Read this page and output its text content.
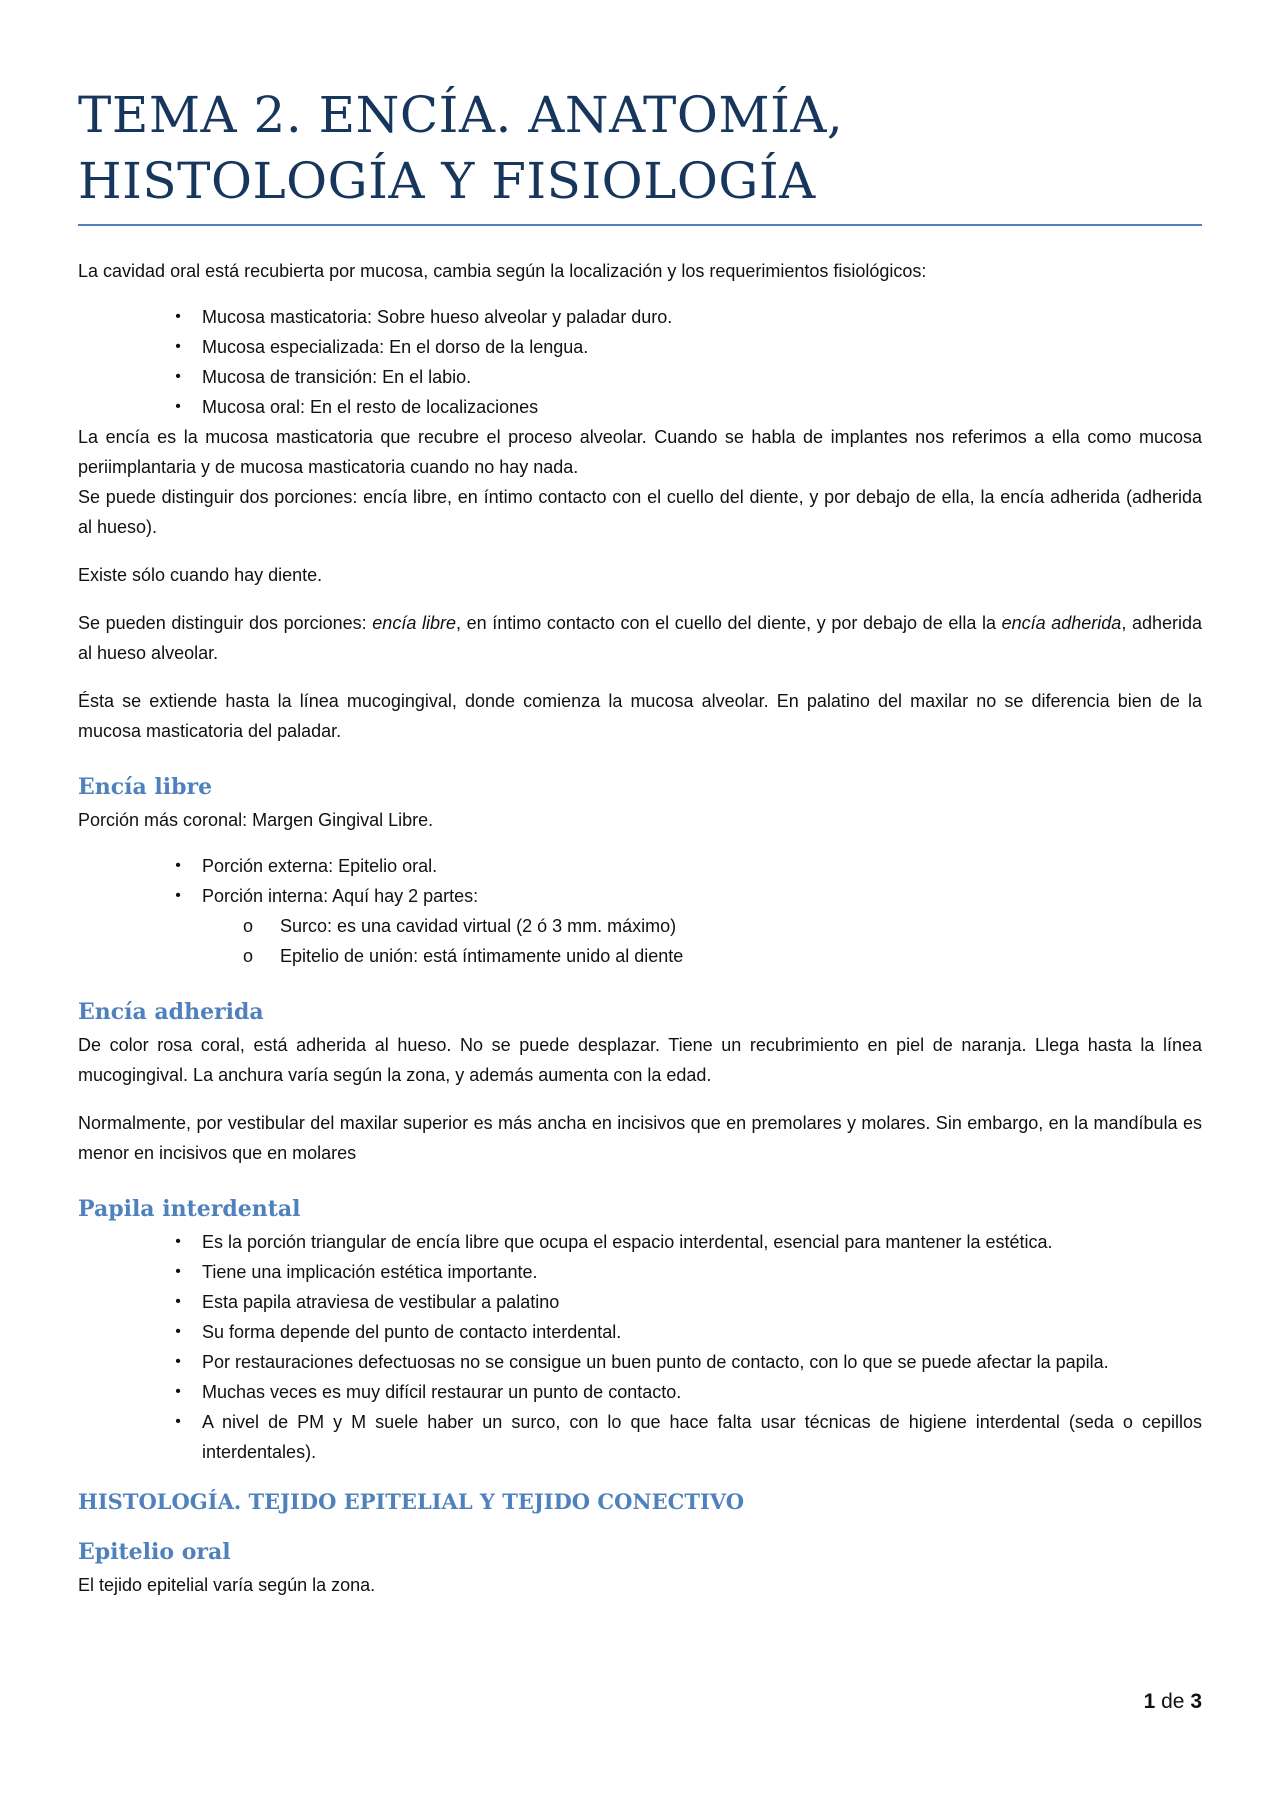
TEMA 2. ENCÍA. ANATOMÍA, HISTOLOGÍA Y FISIOLOGÍA

La cavidad oral está recubierta por mucosa, cambia según la localización y los requerimientos fisiológicos:

•	Mucosa masticatoria: Sobre hueso alveolar y paladar duro.
•	Mucosa especializada: En el dorso de la lengua.
•	Mucosa de transición: En el labio.
•	Mucosa oral: En el resto de localizaciones

La encía es la mucosa masticatoria que recubre el proceso alveolar. Cuando se habla de implantes nos referimos a ella como mucosa periimplantaria y de mucosa masticatoria cuando no hay nada.

Se puede distinguir dos porciones: encía libre, en íntimo contacto con el cuello del diente, y por debajo de ella, la encía adherida (adherida al hueso).

Existe sólo cuando hay diente.

Se pueden distinguir dos porciones: encía libre, en íntimo contacto con el cuello del diente, y por debajo de ella la encía adherida, adherida al hueso alveolar.

Ésta se extiende hasta la línea mucogingival, donde comienza la mucosa alveolar. En palatino del maxilar no se diferencia bien de la mucosa masticatoria del paladar.

Encía libre

Porción más coronal: Margen Gingival Libre.

•	Porción externa: Epitelio oral.
•	Porción interna: Aquí hay 2 partes:
o Surco: es una cavidad virtual (2 ó 3 mm. máximo)
o Epitelio de unión: está íntimamente unido al diente
Encía adherida

De color rosa coral, está adherida al hueso. No se puede desplazar. Tiene un recubrimiento en piel de naranja. Llega hasta la línea mucogingival. La anchura varía según la zona, y además aumenta con la edad.

Normalmente, por vestibular del maxilar superior es más ancha en incisivos que en premolares y molares. Sin embargo, en la mandíbula es menor en incisivos que en molares

Papila interdental
•	Es la porción triangular de encía libre que ocupa el espacio interdental, esencial para mantener la estética.
•	Tiene una implicación estética importante.
•	Esta papila atraviesa de vestibular a palatino
•	Su forma depende del punto de contacto interdental.
•	Por restauraciones defectuosas no se consigue un buen punto de contacto, con lo que se puede afectar la papila.
•	Muchas veces es muy difícil restaurar un punto de contacto.
•	A nivel de PM y M suele haber un surco, con lo que hace falta usar técnicas de higiene interdental (seda o cepillos interdentales).
HISTOLOGÍA. TEJIDO EPITELIAL Y TEJIDO CONECTIVO
Epitelio oral

El tejido epitelial varía según la zona.

1 de 3
